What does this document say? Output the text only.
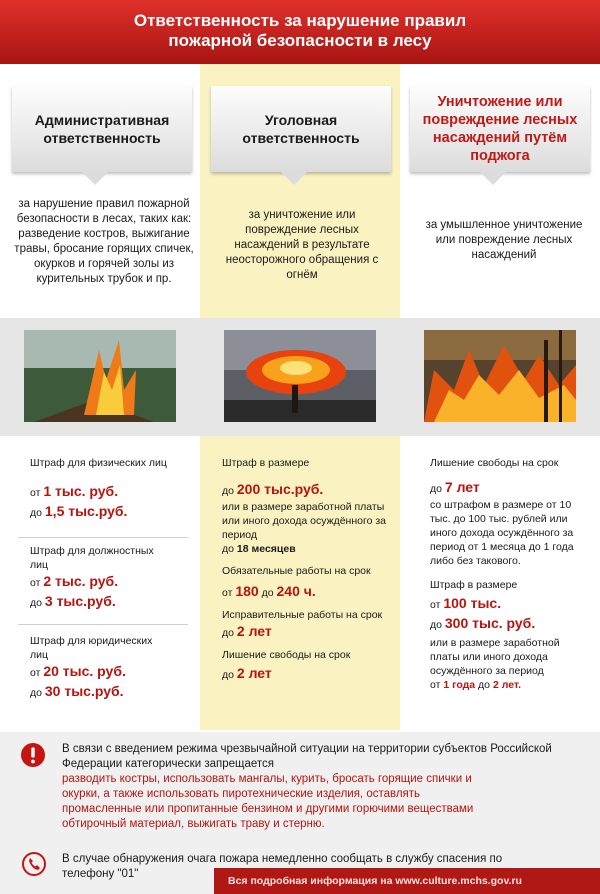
Ответственность за нарушение правил
пожарной безопасности в лесу
Административная ответственность
Уголовная ответственность
Уничтожение или повреждение лесных насаждений путём поджога
за нарушение правил пожарной безопасности в лесах, таких как: разведение костров, выжигание травы, бросание горящих спичек, окурков и горячей золы из курительных трубок и пр.
за уничтожение или повреждение лесных насаждений в результате неосторожного обращения с огнём
за умышленное уничтожение или повреждение лесных насаждений
Штраф для физических лиц
от 1 тыс. руб.
до 1,5 тыс.руб.
Штраф для должностных лиц
от 2 тыс. руб.
до 3 тыс.руб.
Штраф для юридических лиц
от 20 тыс. руб.
до 30 тыс.руб.
Штраф в размере
до 200 тыс.руб.
или в размере заработной платы или иного дохода осуждённого за период
до 18 месяцев
Обязательные работы на срок
от 180 до 240 ч.
Исправительные работы на срок
до 2 лет
Лишение свободы на срок
до 2 лет
Лишение свободы на срок
до 7 лет
со штрафом в размере от 10 тыс. до 100 тыс. рублей или иного дохода осуждённого за период от 1 месяца до 1 года либо без такового.
Штраф в размере
от 100 тыс.
до 300 тыс. руб.
или в размере заработной платы или иного дохода осуждённого за период
от 1 года до 2 лет.
В связи с введением режима чрезвычайной ситуации на территории субъектов Российской Федерации категорически запрещается
разводить костры, использовать мангалы, курить, бросать горящие спички и окурки, а также использовать пиротехнические изделия, оставлять промасленные или пропитанные бензином и другими горючими веществами обтирочный материал, выжигать траву и стерню.
В случае обнаружения очага пожара немедленно сообщать в службу спасения по телефону "01"
Вся подробная информация на www.culture.mchs.gov.ru
